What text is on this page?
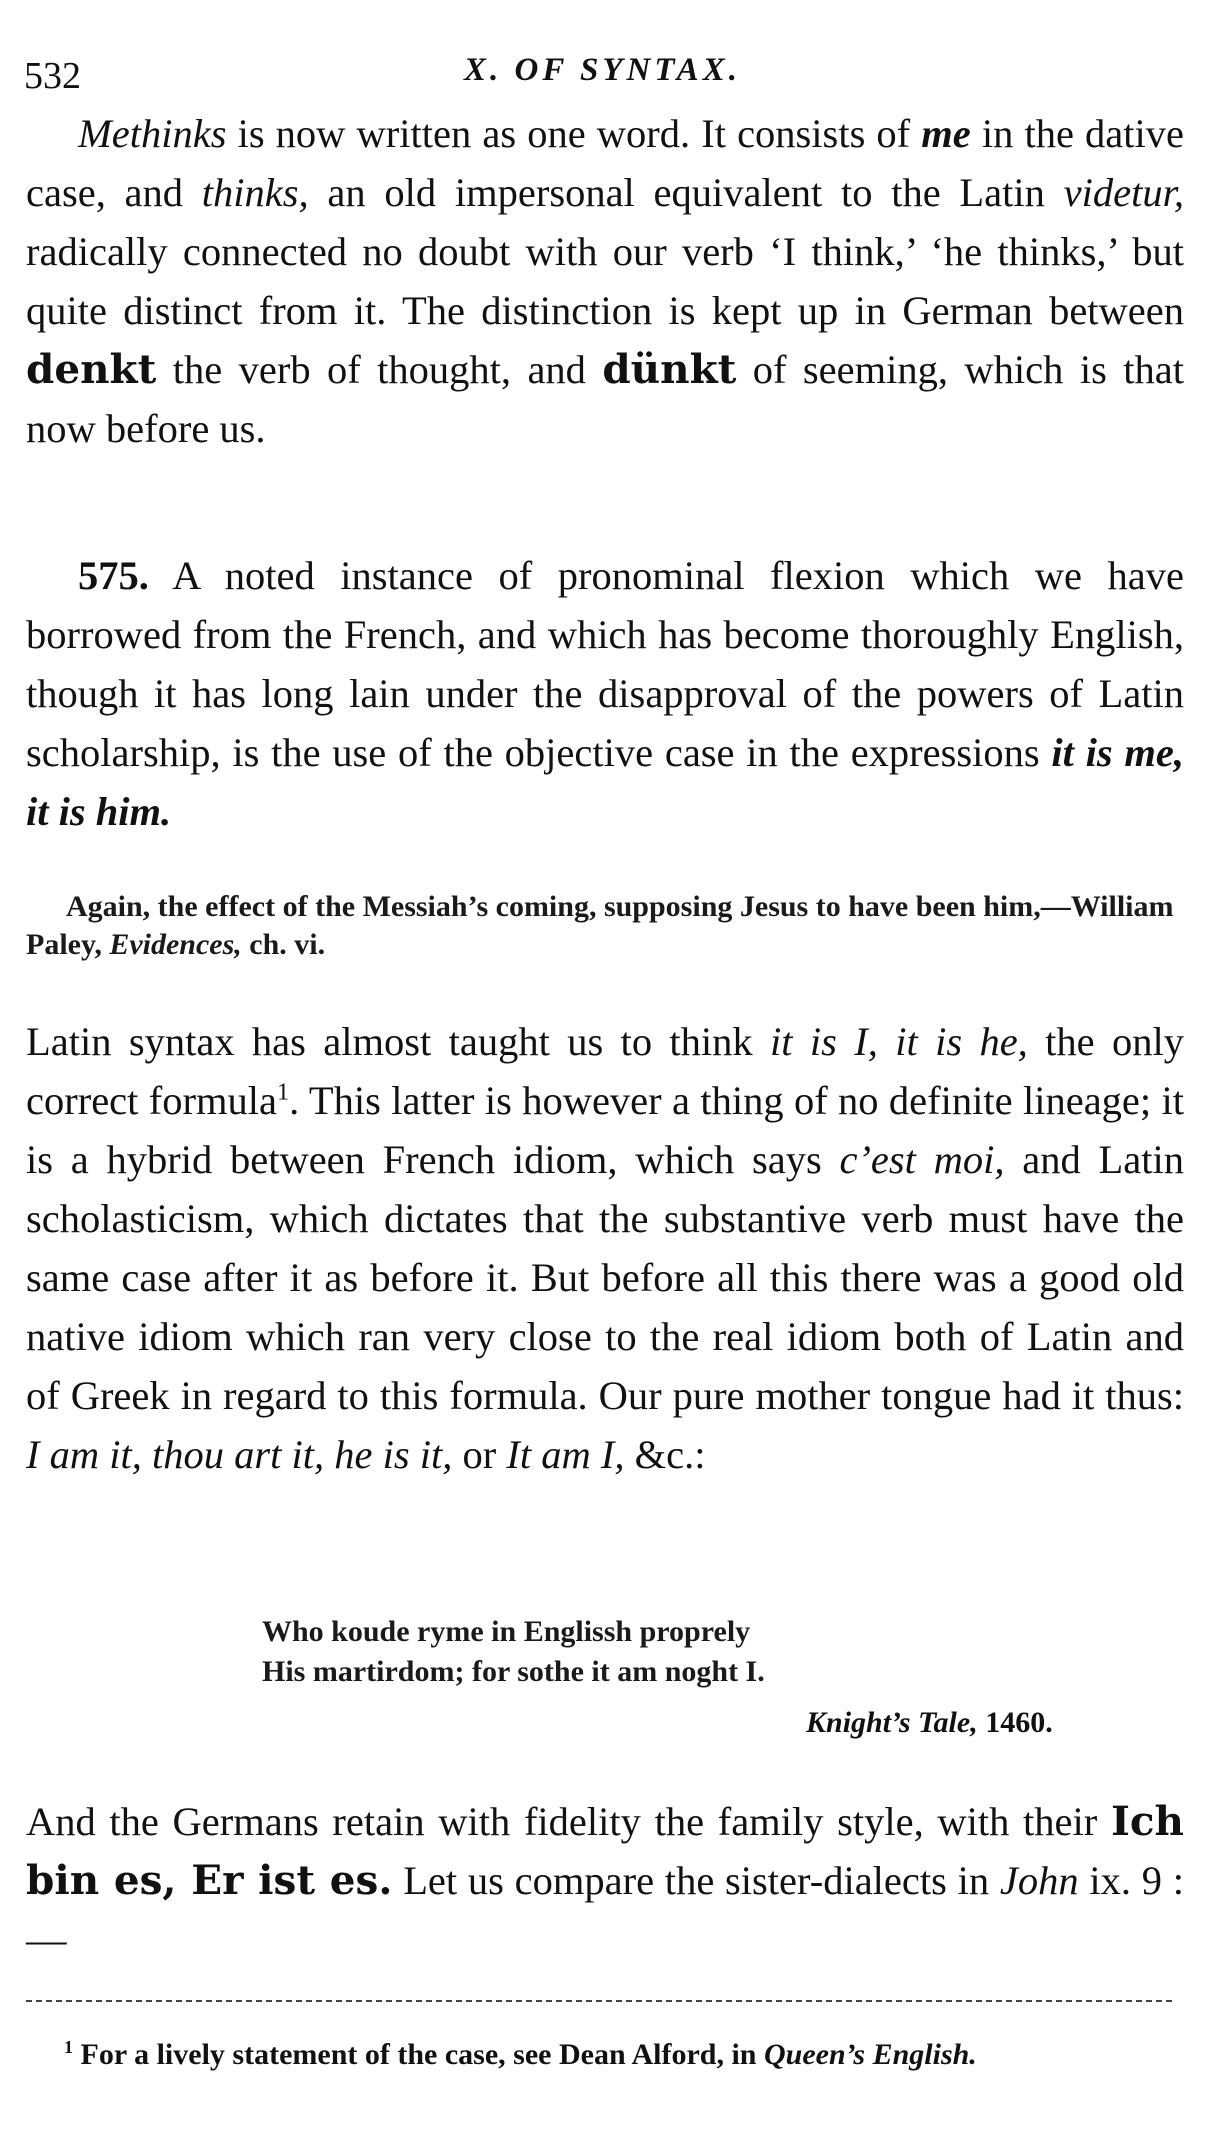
532	X. OF SYNTAX.

Methinks is now written as one word. It consists of me in the dative case, and thinks, an old impersonal equivalent to the Latin videtur, radically connected no doubt with our verb ‘I think,’ ‘he thinks,’ but quite distinct from it. The distinction is kept up in German between denkt the verb of thought, and dünkt of seeming, which is that now before us.

575. A noted instance of pronominal flexion which we have borrowed from the French, and which has become thoroughly English, though it has long lain under the disapproval of the powers of Latin scholarship, is the use of the objective case in the expressions it is me, it is him.

Again, the effect of the Messiah’s coming, supposing Jesus to have been him,—William Paley, Evidences, ch. vi.

Latin syntax has almost taught us to think it is I, it is he, the only correct formula$^1$. This latter is however a thing of no definite lineage; it is a hybrid between French idiom, which says c’est moi, and Latin scholasticism, which dictates that the substantive verb must have the same case after it as before it. But before all this there was a good old native idiom which ran very close to the real idiom both of Latin and of Greek in regard to this formula. Our pure mother tongue had it thus: I am it, thou art it, he is it, or It am I, &c.:

Who koude ryme in Englissh proprely
His martirdom; for sothe it am noght I.
Knight’s Tale, 1460.

And the Germans retain with fidelity the family style, with their Ich bin es, Er ist es. Let us compare the sister-dialects in John ix. 9 :—

$^1$ For a lively statement of the case, see Dean Alford, in Queen’s English.
